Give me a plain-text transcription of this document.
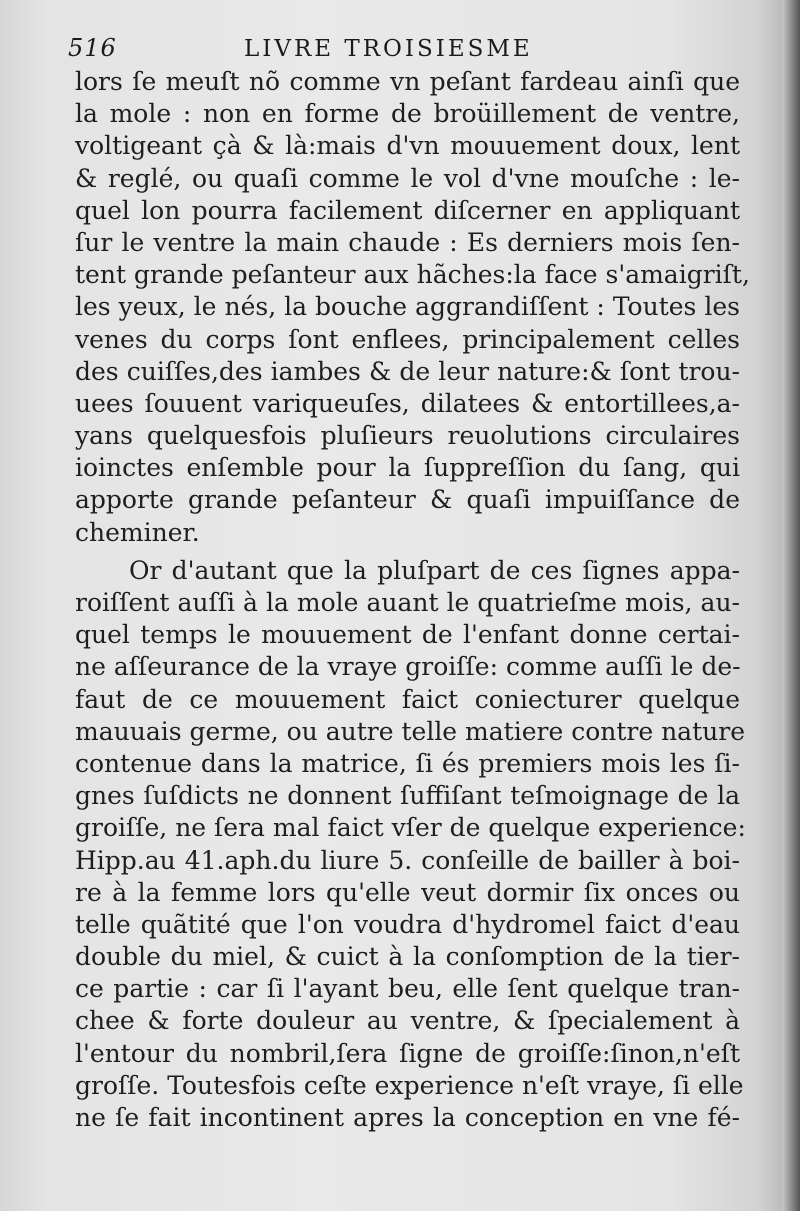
516	LIVRE TROISIESME
lors ſe meuſt nõ comme vn peſant fardeau ainſi que
la mole : non en forme de broüillement de ventre,
voltigeant çà & là:mais d'vn mouuement doux, lent
& reglé, ou quaſi comme le vol d'vne mouſche : le-
quel lon pourra facilement diſcerner en appliquant
ſur le ventre la main chaude : Es derniers mois ſen-
tent grande peſanteur aux hãches:la face s'amaigriſt,
les yeux, le nés, la bouche aggrandiſſent : Toutes les
venes du corps ſont enflees, principalement celles
des cuiſſes,des iambes & de leur nature:& ſont trou-
uees ſouuent variqueuſes, dilatees & entortillees,a-
yans quelquesfois pluſieurs reuolutions circulaires
ioinctes enſemble pour la ſuppreſſion du ſang, qui
apporte grande peſanteur & quaſi impuiſſance de
cheminer.
Or d'autant que la pluſpart de ces ſignes appa-
roiſſent auſſi à la mole auant le quatrieſme mois, au-
quel temps le mouuement de l'enfant donne certai-
ne aſſeurance de la vraye groiſſe: comme auſſi le de-
faut de ce mouuement faict coniecturer quelque
mauuais germe, ou autre telle matiere contre nature
contenue dans la matrice, ſi és premiers mois les ſi-
gnes ſuſdicts ne donnent ſuffiſant teſmoignage de la
groiſſe, ne ſera mal faict vſer de quelque experience:
Hipp.au 41.aph.du liure 5. conſeille de bailler à boi-
re à la femme lors qu'elle veut dormir ſix onces ou
telle quãtité que l'on voudra d'hydromel faict d'eau
double du miel, & cuict à la conſomption de la tier-
ce partie : car ſi l'ayant beu, elle ſent quelque tran-
chee & forte douleur au ventre, & ſpecialement à
l'entour du nombril,ſera ſigne de groiſſe:ſinon,n'eſt
groſſe. Toutesfois ceſte experience n'eſt vraye, ſi elle
ne ſe fait incontinent apres la conception en vne fé-
